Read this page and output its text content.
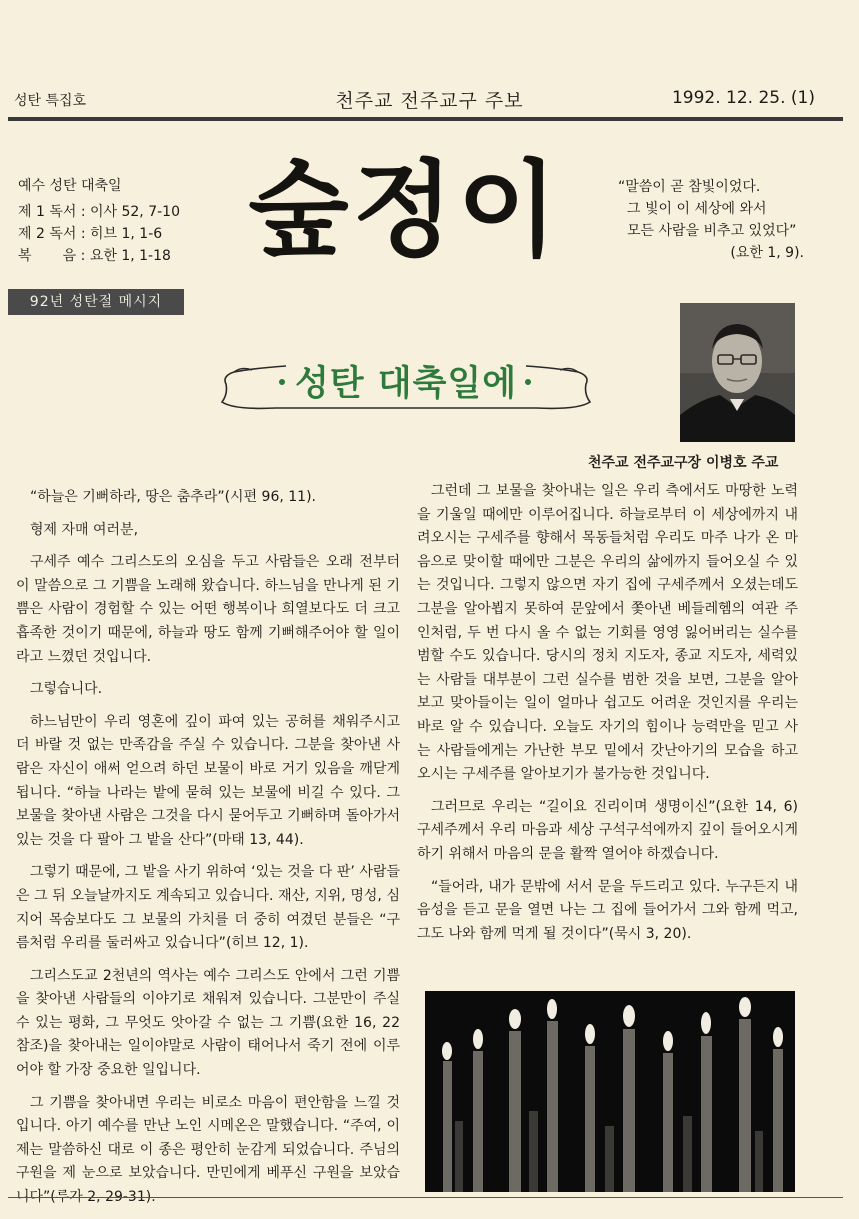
성탄 특집호	천주교 전주교구 주보	1992. 12. 25. (1)
예수 성탄 대축일
제 1 독서 : 이사 52, 7-10
제 2 독서 : 히브 1, 1-6
복       음 : 요한 1, 1-18 숲정이	“말씀이 곧 참빛이었다.
그 빛이 이 세상에 와서
모든 사람을 비추고 있었다”
(요한 1, 9).
92년 성탄절 메시지
성탄 대축일에
천주교 전주교구장 이병호 주교

“하늘은 기뻐하라, 땅은 춤추라”(시편 96, 11).

형제 자매 여러분,

구세주 예수 그리스도의 오심을 두고 사람들은 오래 전부터 이 말씀으로 그 기쁨을 노래해 왔습니다. 하느님을 만나게 된 기쁨은 사람이 경험할 수 있는 어떤 행복이나 희열보다도 더 크고 흡족한 것이기 때문에, 하늘과 땅도 함께 기뻐해주어야 할 일이라고 느꼈던 것입니다.

그렇습니다.

하느님만이 우리 영혼에 깊이 파여 있는 공허를 채워주시고 더 바랄 것 없는 만족감을 주실 수 있습니다. 그분을 찾아낸 사람은 자신이 애써 얻으려 하던 보물이 바로 거기 있음을 깨닫게 됩니다. “하늘 나라는 밭에 묻혀 있는 보물에 비길 수 있다. 그 보물을 찾아낸 사람은 그것을 다시 묻어두고 기뻐하며 돌아가서 있는 것을 다 팔아 그 밭을 산다”(마태 13, 44).

그렇기 때문에, 그 밭을 사기 위하여 ‘있는 것을 다 판’ 사람들은 그 뒤 오늘날까지도 계속되고 있습니다. 재산, 지위, 명성, 심지어 목숨보다도 그 보물의 가치를 더 중히 여겼던 분들은 “구름처럼 우리를 둘러싸고 있습니다”(히브 12, 1).

그리스도교 2천년의 역사는 예수 그리스도 안에서 그런 기쁨을 찾아낸 사람들의 이야기로 채워져 있습니다. 그분만이 주실 수 있는 평화, 그 무엇도 앗아갈 수 없는 그 기쁨(요한 16, 22 참조)을 찾아내는 일이야말로 사람이 태어나서 죽기 전에 이루어야 할 가장 중요한 일입니다.

그 기쁨을 찾아내면 우리는 비로소 마음이 편안함을 느낄 것입니다. 아기 예수를 만난 노인 시메온은 말했습니다. “주여, 이제는 말씀하신 대로 이 종은 평안히 눈감게 되었습니다. 주님의 구원을 제 눈으로 보았습니다. 만민에게 베푸신 구원을 보았습니다”(루가 2, 29-31).

그런데 그 보물을 찾아내는 일은 우리 측에서도 마땅한 노력을 기울일 때에만 이루어집니다. 하늘로부터 이 세상에까지 내려오시는 구세주를 향해서 목동들처럼 우리도 마주 나가 온 마음으로 맞이할 때에만 그분은 우리의 삶에까지 들어오실 수 있는 것입니다. 그렇지 않으면 자기 집에 구세주께서 오셨는데도 그분을 알아뵙지 못하여 문앞에서 쫓아낸 베들레헴의 여관 주인처럼, 두 번 다시 올 수 없는 기회를 영영 잃어버리는 실수를 범할 수도 있습니다. 당시의 정치 지도자, 종교 지도자, 세력있는 사람들 대부분이 그런 실수를 범한 것을 보면, 그분을 알아보고 맞아들이는 일이 얼마나 쉽고도 어려운 것인지를 우리는 바로 알 수 있습니다. 오늘도 자기의 힘이나 능력만을 믿고 사는 사람들에게는 가난한 부모 밑에서 갓난아기의 모습을 하고 오시는 구세주를 알아보기가 불가능한 것입니다.

그러므로 우리는 “길이요 진리이며 생명이신”(요한 14, 6) 구세주께서 우리 마음과 세상 구석구석에까지 깊이 들어오시게 하기 위해서 마음의 문을 활짝 열어야 하겠습니다.

“들어라, 내가 문밖에 서서 문을 두드리고 있다. 누구든지 내 음성을 듣고 문을 열면 나는 그 집에 들어가서 그와 함께 먹고, 그도 나와 함께 먹게 될 것이다”(묵시 3, 20).
